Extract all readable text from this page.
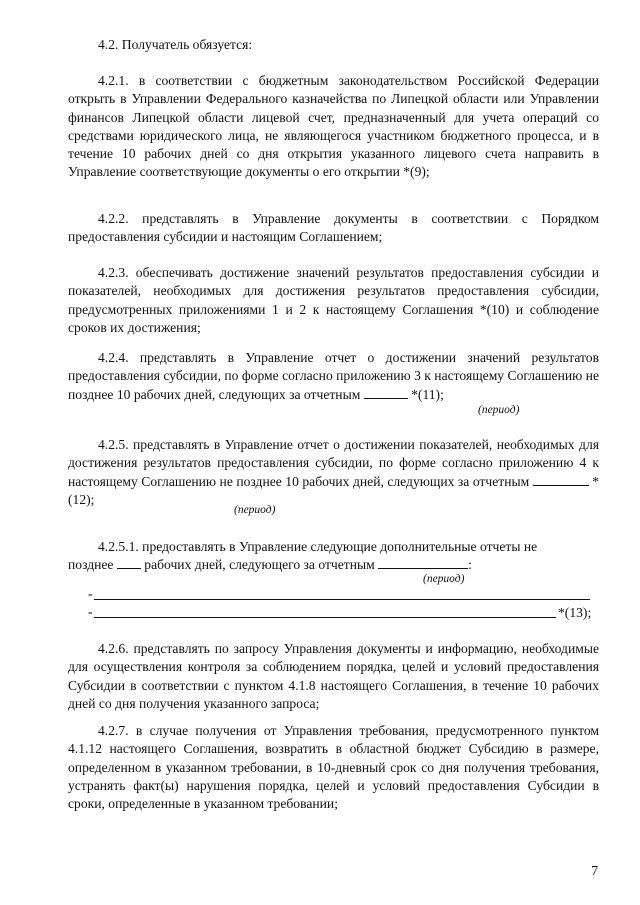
4.2. Получатель обязуется:
4.2.1. в соответствии с бюджетным законодательством Российской Федерации открыть в Управлении Федерального казначейства по Липецкой области или Управлении финансов Липецкой области лицевой счет, предназначенный для учета операций со средствами юридического лица, не являющегося участником бюджетного процесса, и в течение 10 рабочих дней со дня открытия указанного лицевого счета направить в Управление соответствующие документы о его открытии *(9);
4.2.2. представлять в Управление документы в соответствии с Порядком предоставления субсидии и настоящим Соглашением;
4.2.3. обеспечивать достижение значений результатов предоставления субсидии и показателей, необходимых для достижения результатов предоставления субсидии, предусмотренных приложениями 1 и 2 к настоящему Соглашения *(10) и соблюдение сроков их достижения;
4.2.4. представлять в Управление отчет о достижении значений результатов предоставления субсидии, по форме согласно приложению 3 к настоящему Соглашению не позднее 10 рабочих дней, следующих за отчетным	*(11);
(период)
4.2.5. представлять в Управление отчет о достижении показателей, необходимых для достижения результатов предоставления субсидии, по форме согласно приложению 4 к настоящему Соглашению не позднее 10 рабочих дней, следующих за отчетным	*(12);
(период)
4.2.5.1. предоставлять в Управление следующие дополнительные отчеты не
позднее рабочих дней, следующего за отчетным	:
(период)
-
-	*(13);
4.2.6. представлять по запросу Управления документы и информацию, необходимые для осуществления контроля за соблюдением порядка, целей и условий предоставления Субсидии в соответствии с пунктом 4.1.8 настоящего Соглашения, в течение 10 рабочих дней со дня получения указанного запроса;
4.2.7. в случае получения от Управления требования, предусмотренного пунктом 4.1.12 настоящего Соглашения, возвратить в областной бюджет Субсидию в размере, определенном в указанном требовании, в 10-дневный срок со дня получения требования, устранять факт(ы) нарушения порядка, целей и условий предоставления Субсидии в сроки, определенные в указанном требовании;
7
